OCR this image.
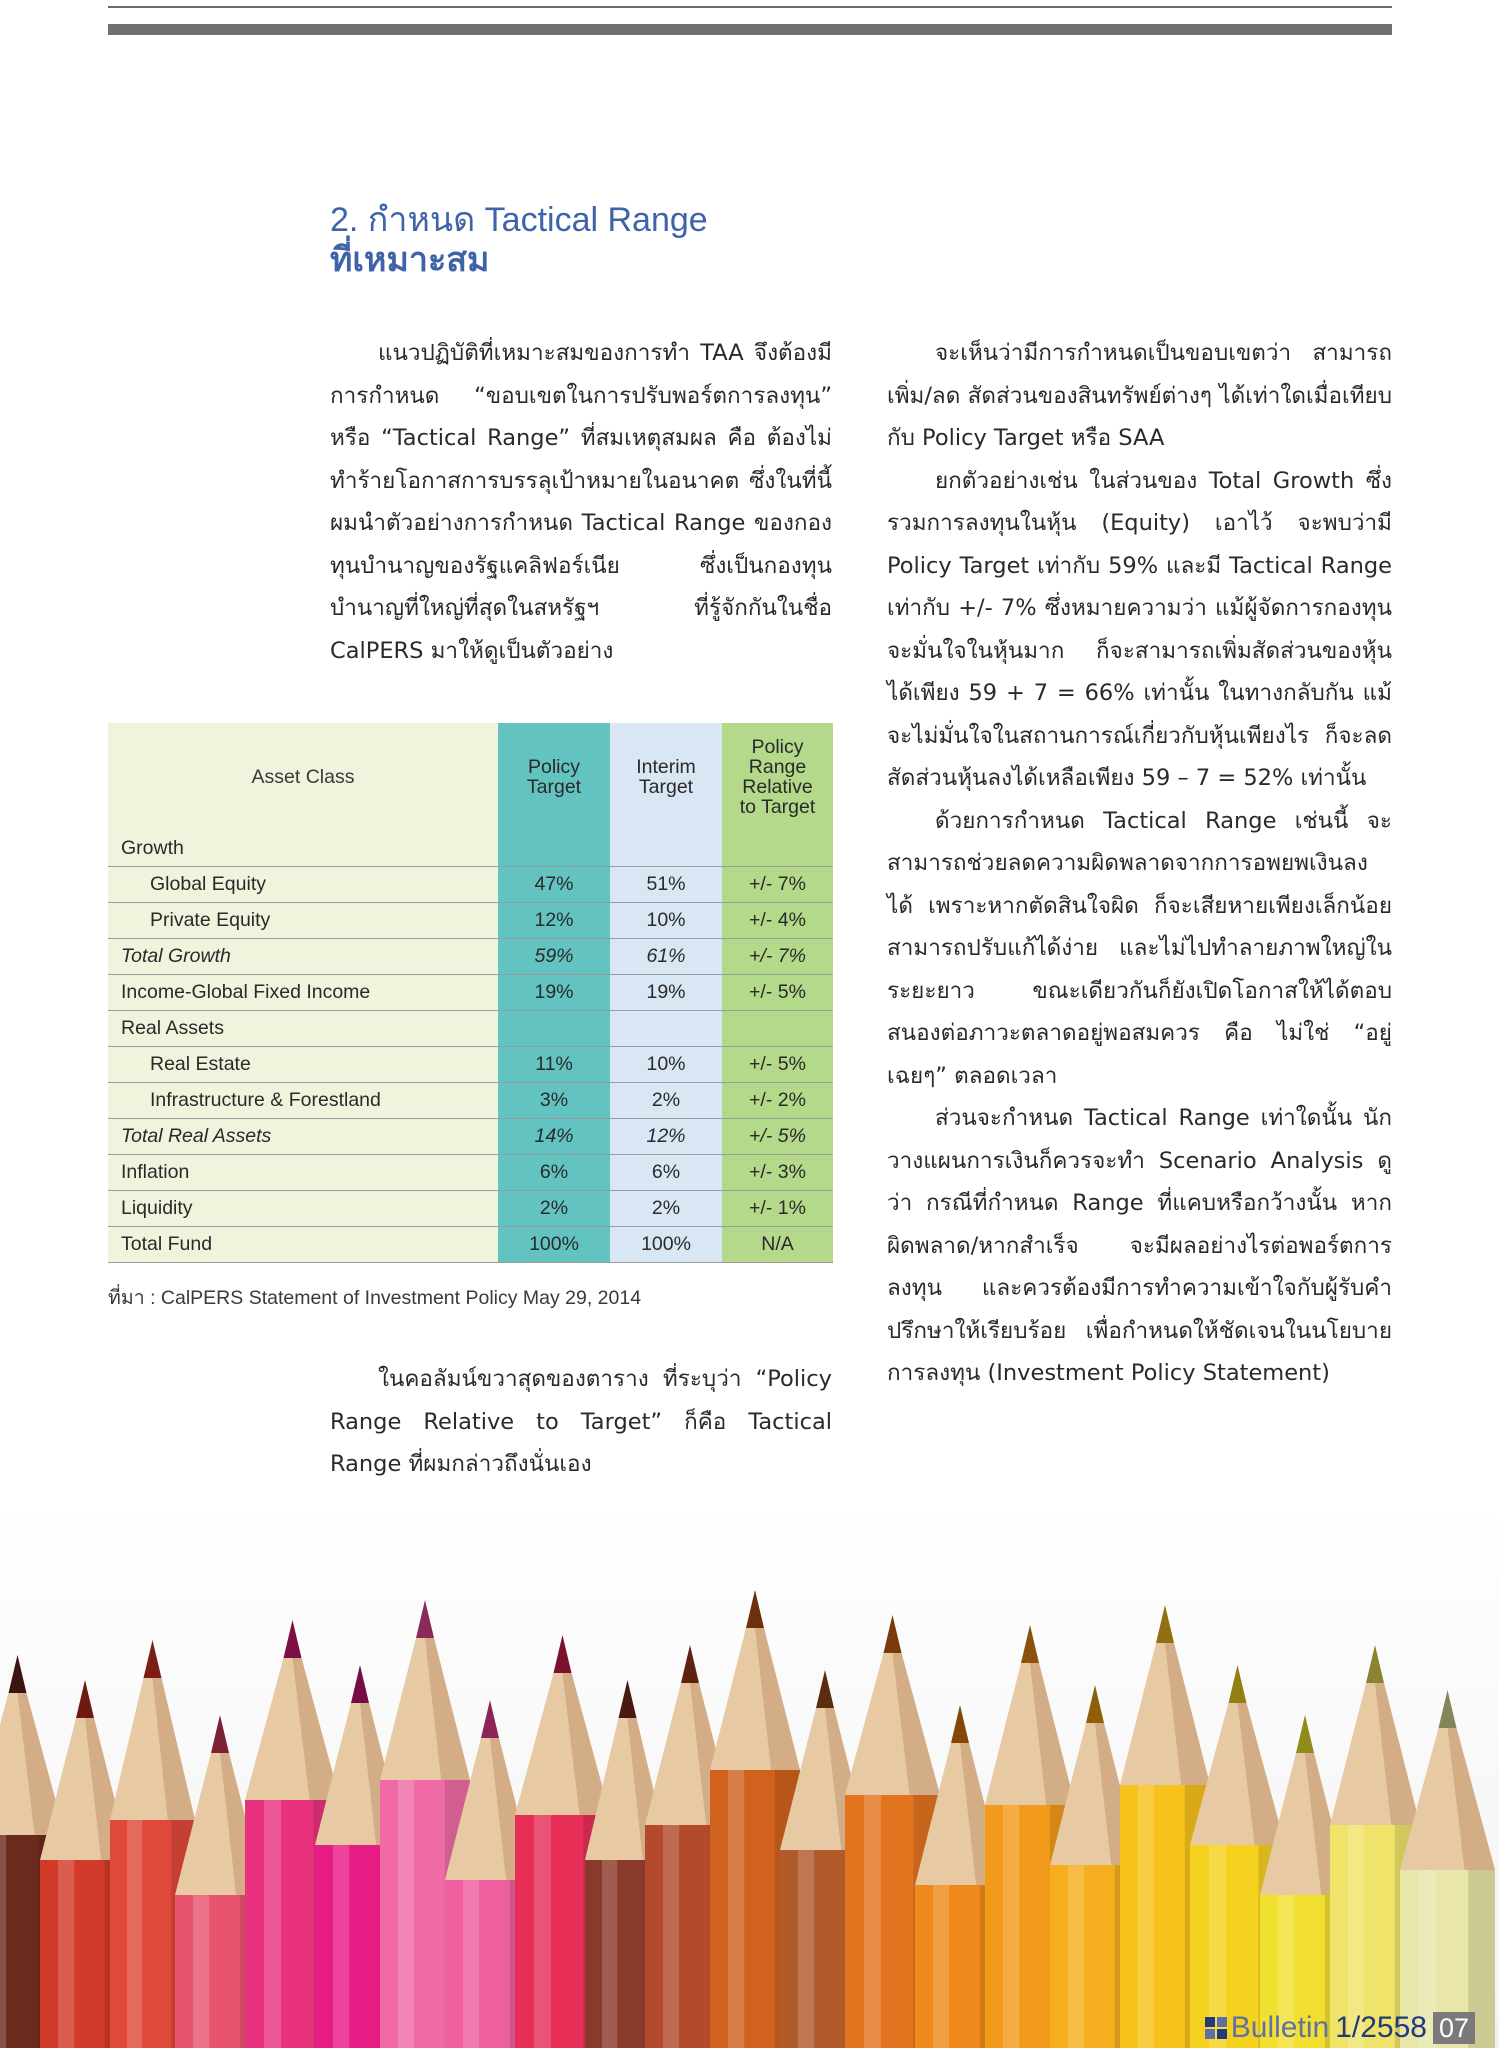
2. กำหนด Tactical Range
ที่เหมาะสม

แนวปฏิบัติที่เหมาะสมของการทำ TAA จึงต้องมีการกำหนด “ขอบเขตในการปรับพอร์ตการลงทุน” หรือ “Tactical Range” ที่สมเหตุสมผล คือ ต้องไม่ทำร้ายโอกาสการบรรลุเป้าหมายในอนาคต ซึ่งในที่นี้ผมนำตัวอย่างการกำหนด Tactical Range ของกองทุนบำนาญของรัฐแคลิฟอร์เนีย ซึ่งเป็นกองทุนบำนาญที่ใหญ่ที่สุดในสหรัฐฯ ที่รู้จักกันในชื่อ CalPERS มาให้ดูเป็นตัวอย่าง

Asset Class	Policy Target	Interim Target	Policy Range Relative to Target

Growth			
Global Equity	47%	51%	+/- 7%
Private Equity	12%	10%	+/- 4%
Total Growth	59%	61%	+/- 7%
Income-Global Fixed Income	19%	19%	+/- 5%
Real Assets			
Real Estate	11%	10%	+/- 5%
Infrastructure & Forestland	3%	2%	+/- 2%
Total Real Assets	14%	12%	+/- 5%
Inflation	6%	6%	+/- 3%
Liquidity	2%	2%	+/- 1%
Total Fund	100%	100%	N/A
ที่มา : CalPERS Statement of Investment Policy May 29, 2014

ในคอลัมน์ขวาสุดของตาราง ที่ระบุว่า “Policy Range Relative to Target” ก็คือ Tactical Range ที่ผมกล่าวถึงนั่นเอง

จะเห็นว่ามีการกำหนดเป็นขอบเขตว่า สามารถเพิ่ม/ลด สัดส่วนของสินทรัพย์ต่างๆ ได้เท่าใดเมื่อเทียบกับ Policy Target หรือ SAA

ยกตัวอย่างเช่น ในส่วนของ Total Growth ซึ่งรวมการลงทุนในหุ้น (Equity) เอาไว้ จะพบว่ามี Policy Target เท่ากับ 59% และมี Tactical Range เท่ากับ +/- 7% ซึ่งหมายความว่า แม้ผู้จัดการกองทุนจะมั่นใจในหุ้นมาก ก็จะสามารถเพิ่มสัดส่วนของหุ้นได้เพียง 59 + 7 = 66% เท่านั้น ในทางกลับกัน แม้จะไม่มั่นใจในสถานการณ์เกี่ยวกับหุ้นเพียงไร ก็จะลดสัดส่วนหุ้นลงได้เหลือเพียง 59 – 7 = 52% เท่านั้น

ด้วยการกำหนด Tactical Range เช่นนี้ จะสามารถช่วยลดความผิดพลาดจากการอพยพเงินลงได้ เพราะหากตัดสินใจผิด ก็จะเสียหายเพียงเล็กน้อย สามารถปรับแก้ได้ง่าย และไม่ไปทำลายภาพใหญ่ในระยะยาว ขณะเดียวกันก็ยังเปิดโอกาสให้ได้ตอบสนองต่อภาวะตลาดอยู่พอสมควร คือ ไม่ใช่ “อยู่เฉยๆ” ตลอดเวลา

ส่วนจะกำหนด Tactical Range เท่าใดนั้น นักวางแผนการเงินก็ควรจะทำ Scenario Analysis ดูว่า กรณีที่กำหนด Range ที่แคบหรือกว้างนั้น หากผิดพลาด/หากสำเร็จ จะมีผลอย่างไรต่อพอร์ตการลงทุน และควรต้องมีการทำความเข้าใจกับผู้รับคำปรึกษาให้เรียบร้อย เพื่อกำหนดให้ชัดเจนในนโยบายการลงทุน (Investment Policy Statement)

Bulletin 1/2558 07
